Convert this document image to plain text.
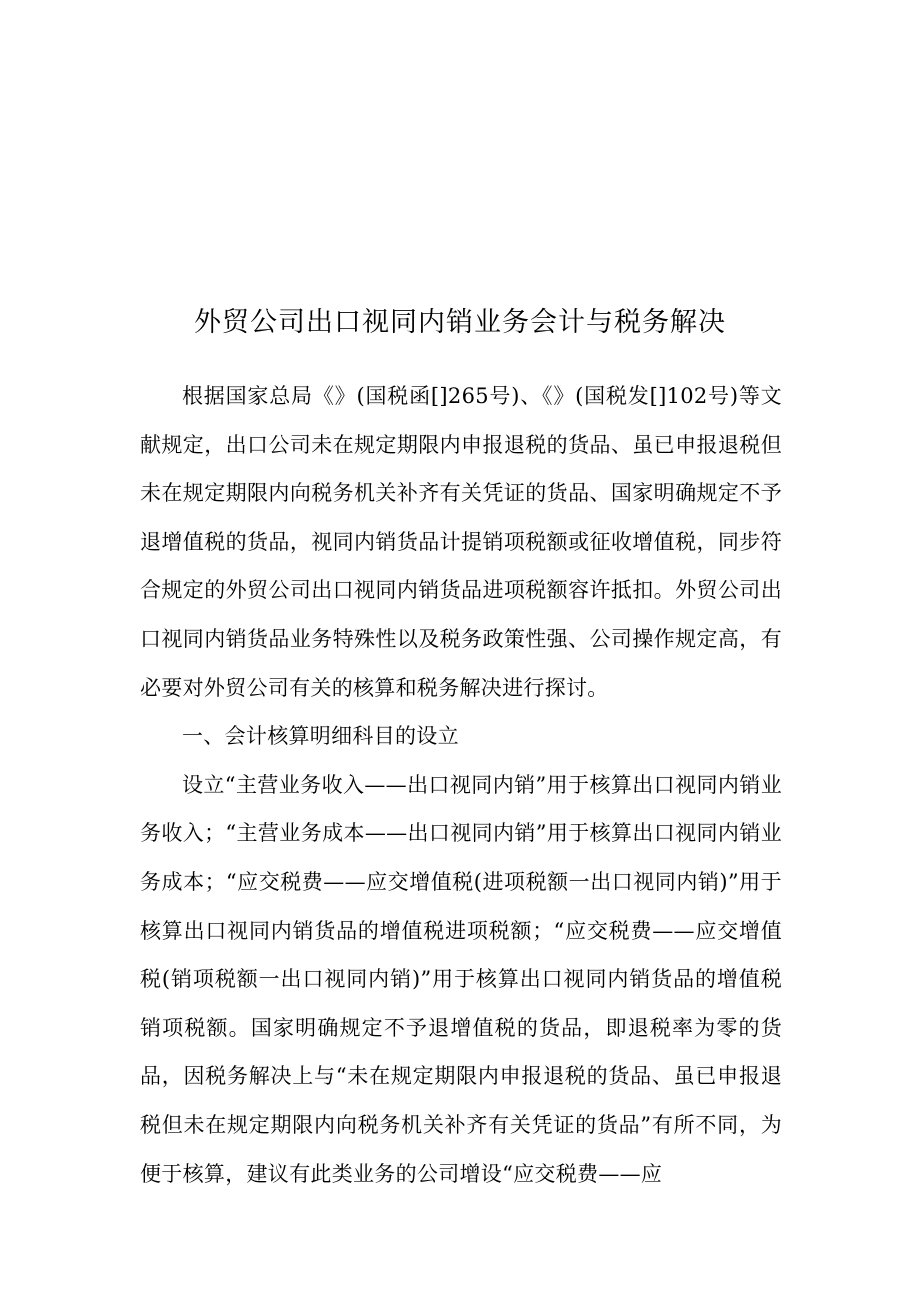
外贸公司出口视同内销业务会计与税务解决

根据国家总局《》(国税函[]265号)、《》(国税发[]102号)等文献规定，出口公司未在规定期限内申报退税的货品、虽已申报退税但未在规定期限内向税务机关补齐有关凭证的货品、国家明确规定不予退增值税的货品，视同内销货品计提销项税额或征收增值税，同步符合规定的外贸公司出口视同内销货品进项税额容许抵扣。外贸公司出口视同内销货品业务特殊性以及税务政策性强、公司操作规定高，有必要对外贸公司有关的核算和税务解决进行探讨。

一、会计核算明细科目的设立

设立“主营业务收入——出口视同内销”用于核算出口视同内销业务收入；“主营业务成本——出口视同内销”用于核算出口视同内销业务成本；“应交税费——应交增值税(进项税额一出口视同内销)”用于核算出口视同内销货品的增值税进项税额；“应交税费——应交增值税(销项税额一出口视同内销)”用于核算出口视同内销货品的增值税销项税额。国家明确规定不予退增值税的货品，即退税率为零的货品，因税务解决上与“未在规定期限内申报退税的货品、虽已申报退税但未在规定期限内向税务机关补齐有关凭证的货品”有所不同，为便于核算，建议有此类业务的公司增设“应交税费——应
